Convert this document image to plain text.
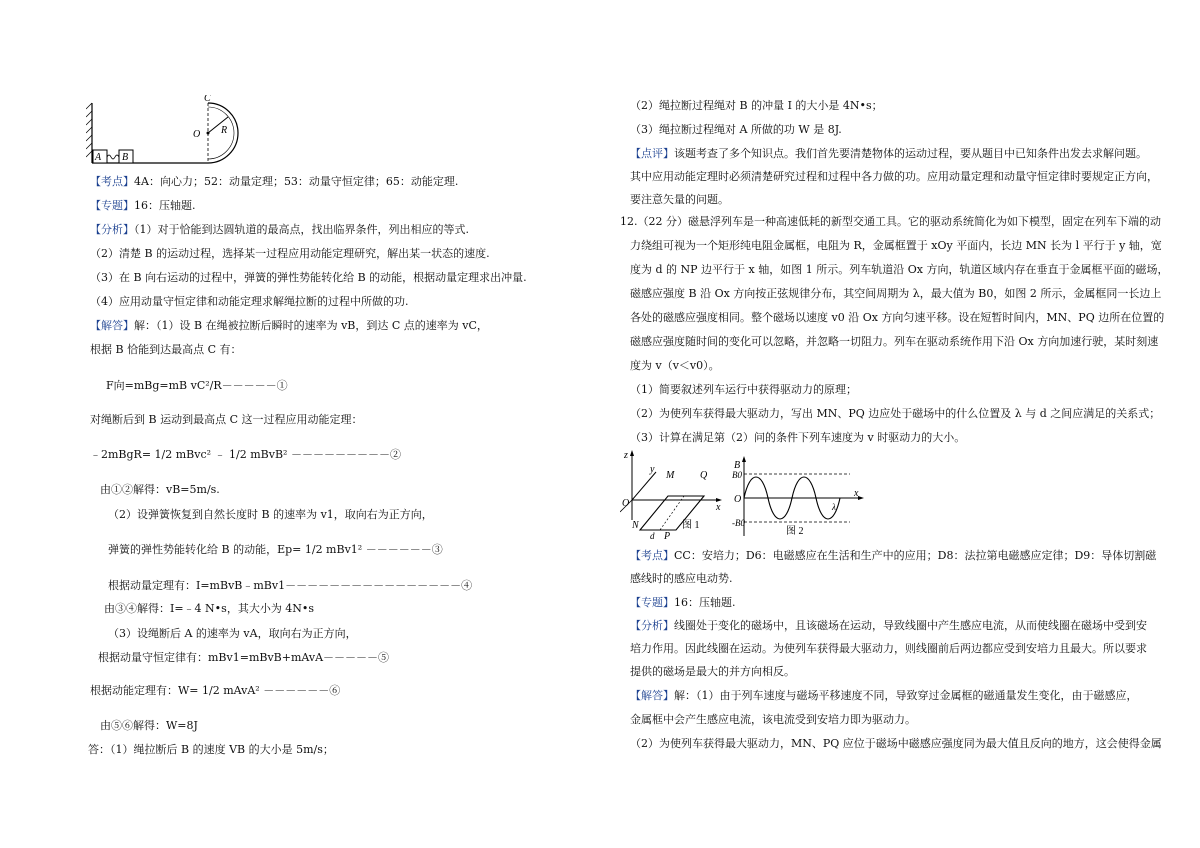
A B
C
O R
【考点】4A：向心力；52：动量定理；53：动量守恒定律；65：动能定理.
【专题】16：压轴题.
【分析】（1）对于恰能到达圆轨道的最高点，找出临界条件，列出相应的等式.
（2）清楚 B 的运动过程，选择某一过程应用动能定理研究，解出某一状态的速度.
（3）在 B 向右运动的过程中，弹簧的弹性势能转化给 B 的动能，根据动量定理求出冲量.
（4）应用动量守恒定律和动能定理求解绳拉断的过程中所做的功.
【解答】解：（1）设 B 在绳被拉断后瞬时的速率为 vB，到达 C 点的速率为 vC，
根据 B 恰能到达最高点 C 有：
F向=mBg=mB vC²/R－－－－－①
对绳断后到 B 运动到最高点 C 这一过程应用动能定理：
﹣2mBgR= 1/2 mBvc² ﹣ 1/2 mBvB² －－－－－－－－－②
由①②解得：vB=5m/s.
（2）设弹簧恢复到自然长度时 B 的速率为 v1，取向右为正方向，
弹簧的弹性势能转化给 B 的动能，Ep= 1/2 mBv1² －－－－－－③
根据动量定理有：I=mBvB﹣mBv1－－－－－－－－－－－－－－－－④
由③④解得：I=﹣4 N•s，其大小为 4N•s
（3）设绳断后 A 的速率为 vA，取向右为正方向，
根据动量守恒定律有：mBv1=mBvB+mAvA－－－－－⑤
根据动能定理有：W= 1/2 mAvA² －－－－－－⑥
由⑤⑥解得：W=8J
答：（1）绳拉断后 B 的速度 VB 的大小是 5m/s；
（2）绳拉断过程绳对 B 的冲量 I 的大小是 4N•s；
（3）绳拉断过程绳对 A 所做的功 W 是 8J.
【点评】该题考查了多个知识点。我们首先要清楚物体的运动过程，要从题目中已知条件出发去求解问题。
其中应用动能定理时必须清楚研究过程和过程中各力做的功。应用动量定理和动量守恒定律时要规定正方向，
要注意矢量的问题。
12.（22 分）磁悬浮列车是一种高速低耗的新型交通工具。它的驱动系统简化为如下模型，固定在列车下端的动
力绕组可视为一个矩形纯电阻金属框，电阻为 R，金属框置于 xOy 平面内，长边 MN 长为 l 平行于 y 轴，宽
度为 d 的 NP 边平行于 x 轴，如图 1 所示。列车轨道沿 Ox 方向，轨道区域内存在垂直于金属框平面的磁场，
磁感应强度 B 沿 Ox 方向按正弦规律分布，其空间周期为 λ，最大值为 B0，如图 2 所示，金属框同一长边上
各处的磁感应强度相同。整个磁场以速度 v0 沿 Ox 方向匀速平移。设在短暂时间内，MN、PQ 边所在位置的
磁感应强度随时间的变化可以忽略，并忽略一切阻力。列车在驱动系统作用下沿 Ox 方向加速行驶，某时刻速
度为 v（v＜v0）。
（1）简要叙述列车运行中获得驱动力的原理；
（2）为使列车获得最大驱动力，写出 MN、PQ 边应处于磁场中的什么位置及 λ 与 d 之间应满足的关系式；
（3）计算在满足第（2）问的条件下列车速度为 v 时驱动力的大小。
【考点】CC：安培力；D6：电磁感应在生活和生产中的应用；D8：法拉第电磁感应定律；D9：导体切割磁
感线时的感应电动势.
【专题】16：压轴题.
【分析】线圈处于变化的磁场中，且该磁场在运动，导致线圈中产生感应电流，从而使线圈在磁场中受到安
培力作用。因此线圈在运动。为使列车获得最大驱动力，则线圈前后两边都应受到安培力且最大。所以要求
提供的磁场是最大的并方向相反。
【解答】解：（1）由于列车速度与磁场平移速度不同，导致穿过金属框的磁通量发生变化，由于磁感应，
金属框中会产生感应电流，该电流受到安培力即为驱动力。
（2）为使列车获得最大驱动力，MN、PQ 应位于磁场中磁感应强度同为最大值且反向的地方，这会使得金属
z
y
x
O
M	Q
N
P
d
图 1
B
B0
O
-B0
x
λ
图 2
